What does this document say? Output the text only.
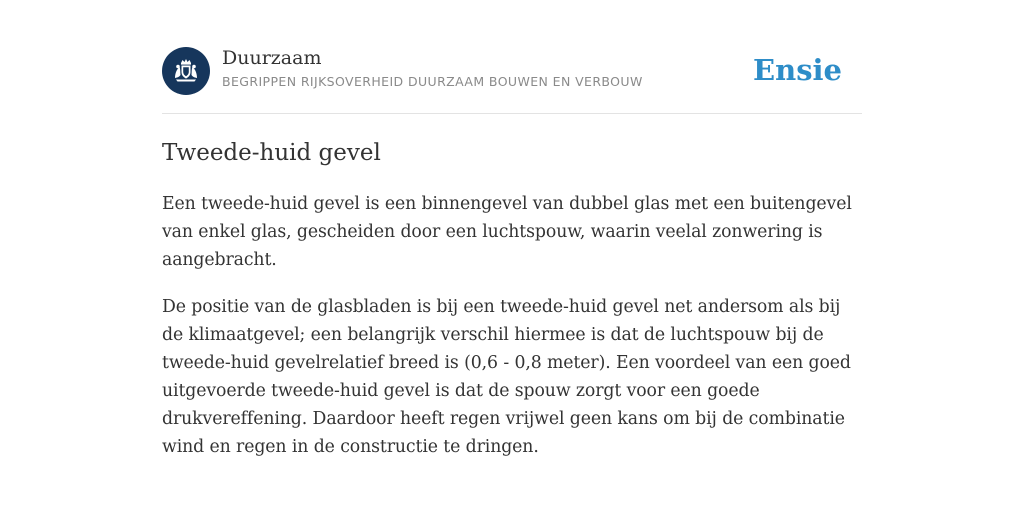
Duurzaam
BEGRIPPEN RIJKSOVERHEID DUURZAAM BOUWEN EN VERBOUW	Ensie
Tweede-huid gevel

Een tweede-huid gevel is een binnengevel van dubbel glas met een buitengevel van enkel glas, gescheiden door een luchtspouw, waarin veelal zonwering is aangebracht.

De positie van de glasbladen is bij een tweede-huid gevel net andersom als bij de klimaatgevel; een belangrijk verschil hiermee is dat de luchtspouw bij de tweede-huid gevelrelatief breed is (0,6 - 0,8 meter). Een voordeel van een goed uitgevoerde tweede-huid gevel is dat de spouw zorgt voor een goede drukvereffening. Daardoor heeft regen vrijwel geen kans om bij de combinatie wind en regen in de constructie te dringen.
